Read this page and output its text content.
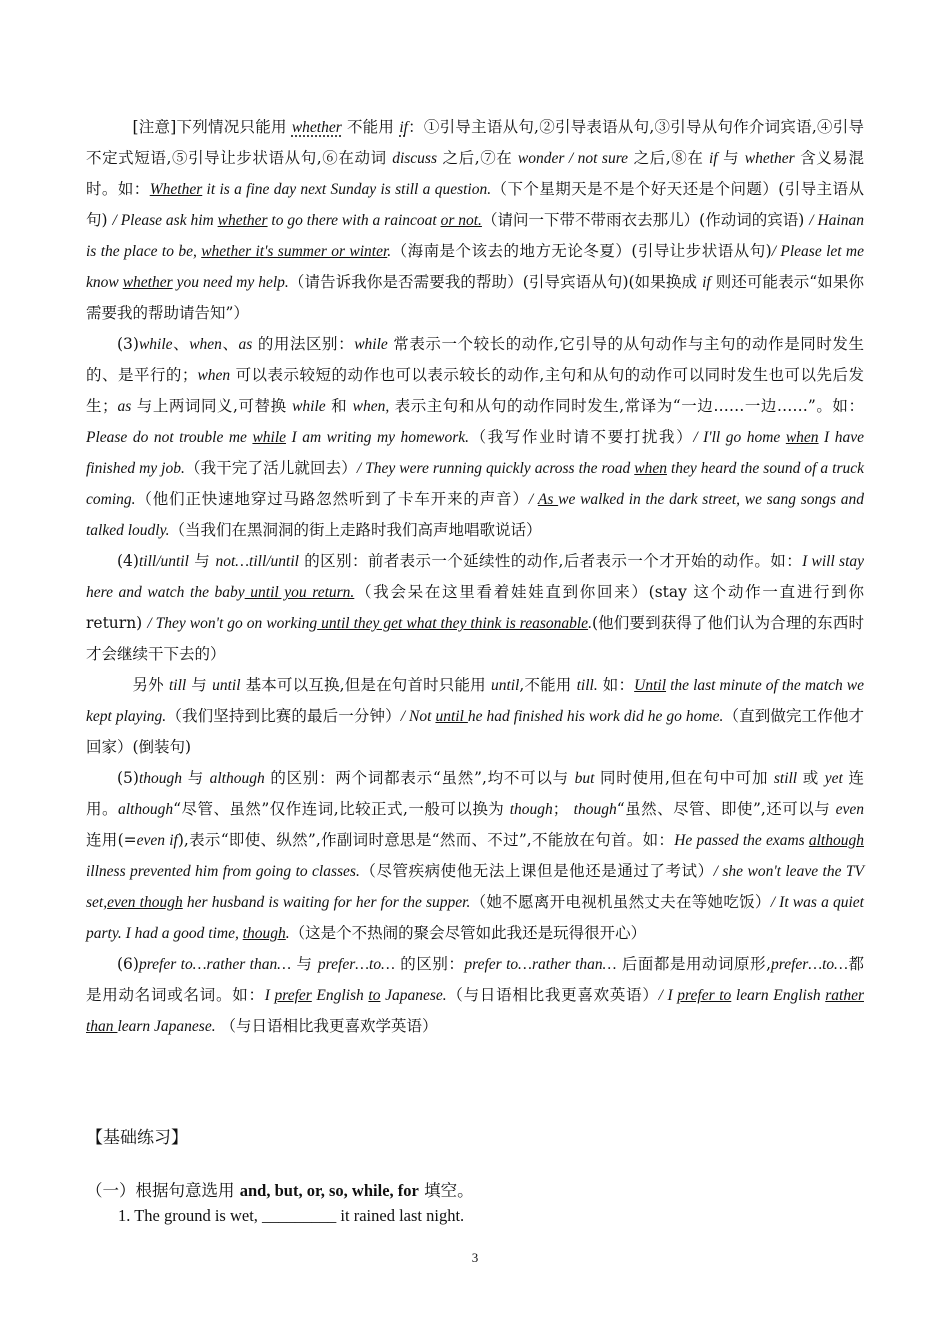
[注意]下列情况只能用 whether 不能用 if：①引导主语从句,②引导表语从句,③引导从句作介词宾语,④引导不定式短语,⑤引导让步状语从句,⑥在动词 discuss 之后,⑦在 wonder / not sure 之后,⑧在 if 与 whether 含义易混时。如：Whether it is a fine day next Sunday is still a question.（下个星期天是不是个好天还是个问题）(引导主语从句) / Please ask him whether to go there with a raincoat or not.（请问一下带不带雨衣去那儿）(作动词的宾语) / Hainan is the place to be, whether it's summer or winter.（海南是个该去的地方无论冬夏）(引导让步状语从句)/ Please let me know whether you need my help.（请告诉我你是否需要我的帮助）(引导宾语从句)(如果换成 if 则还可能表示“如果你需要我的帮助请告知”）

(3)while、when、as 的用法区别：while 常表示一个较长的动作,它引导的从句动作与主句的动作是同时发生的、是平行的；when 可以表示较短的动作也可以表示较长的动作,主句和从句的动作可以同时发生也可以先后发生；as 与上两词同义,可替换 while 和 when, 表示主句和从句的动作同时发生,常译为“一边……一边……”。如：Please do not trouble me while I am writing my homework.（我写作业时请不要打扰我）/ I'll go home when I have finished my job.（我干完了活儿就回去）/ They were running quickly across the road when they heard the sound of a truck coming.（他们正快速地穿过马路忽然听到了卡车开来的声音）/ As we walked in the dark street, we sang songs and talked loudly.（当我们在黑洞洞的街上走路时我们高声地唱歌说话）

(4)till/until 与 not…till/until 的区别：前者表示一个延续性的动作,后者表示一个才开始的动作。如：I will stay here and watch the baby until you return.（我会呆在这里看着娃娃直到你回来）(stay 这个动作一直进行到你 return) / They won't go on working until they get what they think is reasonable.(他们要到获得了他们认为合理的东西时才会继续干下去的）

另外 till 与 until 基本可以互换,但是在句首时只能用 until,不能用 till. 如：Until the last minute of the match we kept playing.（我们坚持到比赛的最后一分钟）/ Not until he had finished his work did he go home.（直到做完工作他才回家）(倒装句)

(5)though 与 although 的区别：两个词都表示“虽然”,均不可以与 but 同时使用,但在句中可加 still 或 yet 连用。although“尽管、虽然”仅作连词,比较正式,一般可以换为 though； though“虽然、尽管、即使”,还可以与 even 连用(=even if),表示“即使、纵然”,作副词时意思是“然而、不过”,不能放在句首。如：He passed the exams although illness prevented him from going to classes.（尽管疾病使他无法上课但是他还是通过了考试）/ she won't leave the TV set,even though her husband is waiting for her for the supper.（她不愿离开电视机虽然丈夫在等她吃饭）/ It was a quiet party. I had a good time, though.（这是个不热闹的聚会尽管如此我还是玩得很开心）

(6)prefer to…rather than… 与 prefer…to… 的区别：prefer to…rather than… 后面都是用动词原形,prefer…to…都是用动名词或名词。如：I prefer English to Japanese.（与日语相比我更喜欢英语）/ I prefer to learn English rather than learn Japanese. （与日语相比我更喜欢学英语）

【基础练习】
（一）根据句意选用 and, but, or, so, while, for 填空。
1. The ground is wet, _________ it rained last night.
3
